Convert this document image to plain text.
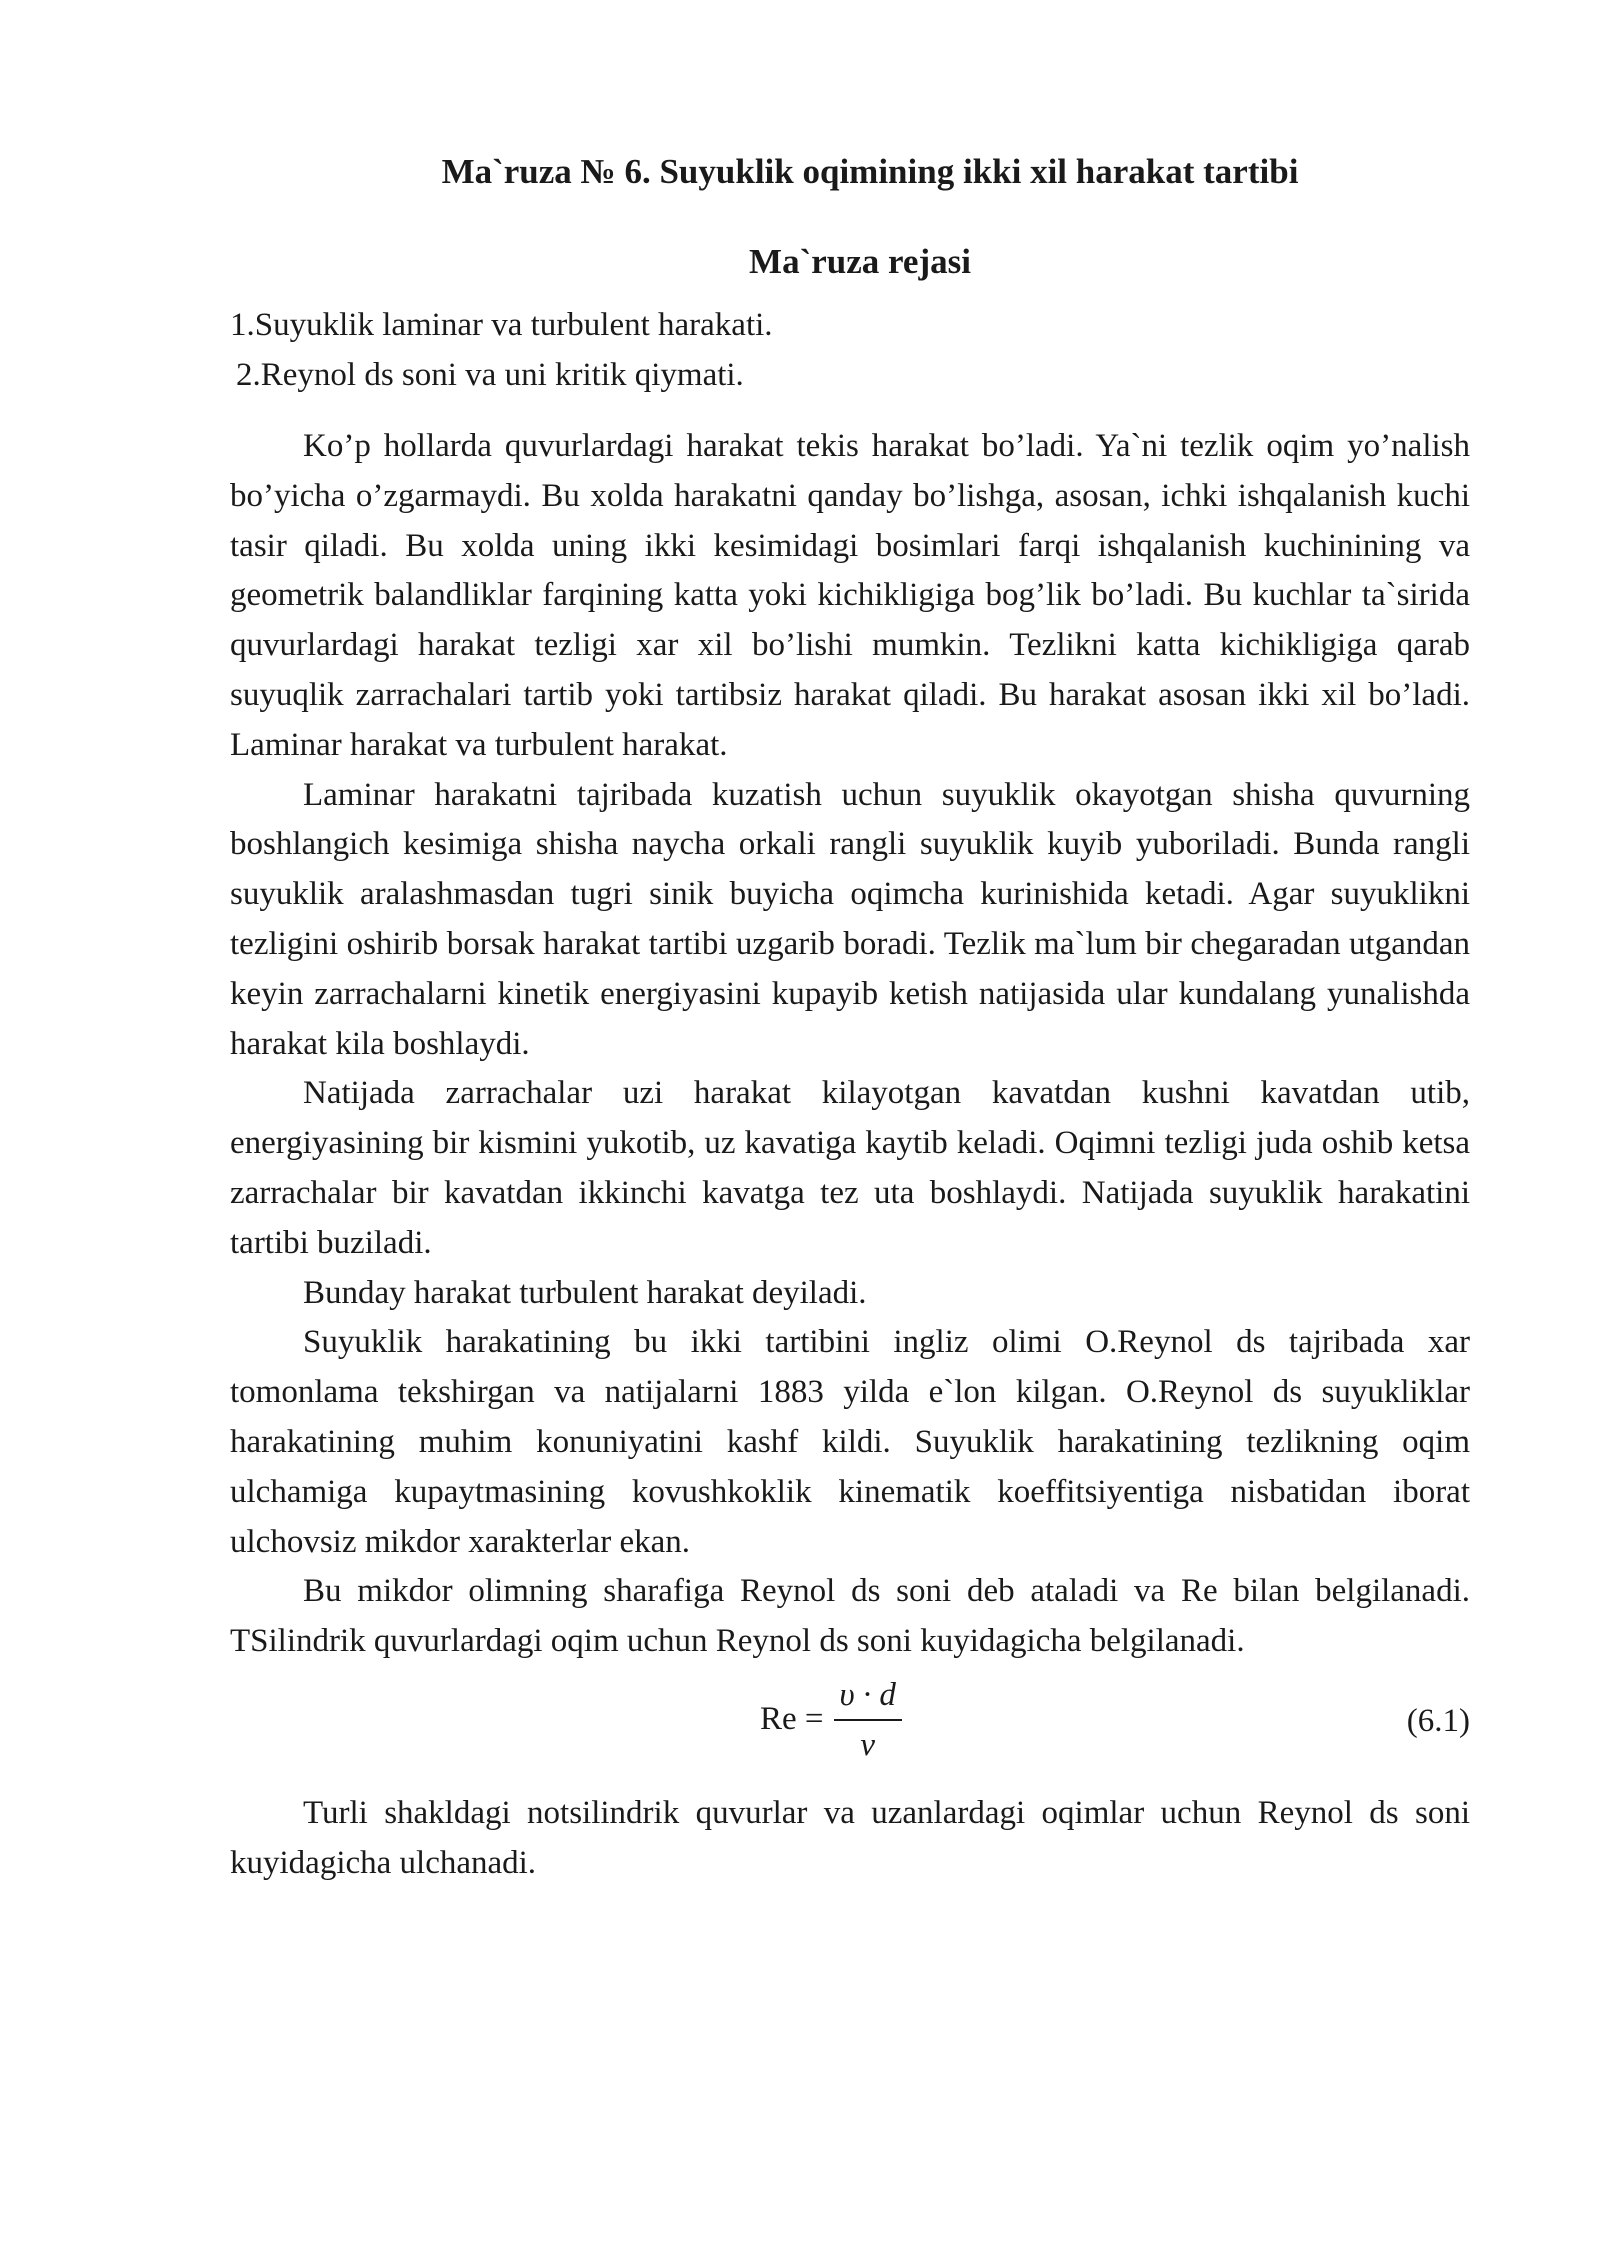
Ma`ruza № 6. Suyuklik oqimining ikki xil harakat tartibi
Ma`ruza rejasi
1.Suyuklik laminar va turbulent harakati.
2.Reynol ds soni va uni kritik qiymati.

Ko’p hollarda quvurlardagi harakat tekis harakat bo’ladi. Ya`ni tezlik oqim yo’nalish bo’yicha o’zgarmaydi. Bu xolda harakatni qanday bo’lishga, asosan, ichki ishqalanish kuchi tasir qiladi. Bu xolda uning ikki kesimidagi bosimlari farqi ishqalanish kuchinining va geometrik balandliklar farqining katta yoki kichikligiga bog’lik bo’ladi. Bu kuchlar ta`sirida quvurlardagi harakat tezligi xar xil bo’lishi mumkin. Tezlikni katta kichikligiga qarab suyuqlik zarrachalari tartib yoki tartibsiz harakat qiladi. Bu harakat asosan ikki xil bo’ladi. Laminar harakat va turbulent harakat.

Laminar harakatni tajribada kuzatish uchun suyuklik okayotgan shisha quvurning boshlangich kesimiga shisha naycha orkali rangli suyuklik kuyib yuboriladi. Bunda rangli suyuklik aralashmasdan tugri sinik buyicha oqimcha kurinishida ketadi. Agar suyuklikni tezligini oshirib borsak harakat tartibi uzgarib boradi. Tezlik ma`lum bir chegaradan utgandan keyin zarrachalarni kinetik energiyasini kupayib ketish natijasida ular kundalang yunalishda harakat kila boshlaydi.

Natijada zarrachalar uzi harakat kilayotgan kavatdan kushni kavatdan utib, energiyasining bir kismini yukotib, uz kavatiga kaytib keladi. Oqimni tezligi juda oshib ketsa zarrachalar bir kavatdan ikkinchi kavatga tez uta boshlaydi. Natijada suyuklik harakatini tartibi buziladi.

Bunday harakat turbulent harakat deyiladi.

Suyuklik harakatining bu ikki tartibini ingliz olimi O.Reynol ds tajribada xar tomonlama tekshirgan va natijalarni 1883 yilda e`lon kilgan. O.Reynol ds suyukliklar harakatining muhim konuniyatini kashf kildi. Suyuklik harakatining tezlikning oqim ulchamiga kupaytmasining kovushkoklik kinematik koeffitsiyentiga nisbatidan iborat ulchovsiz mikdor xarakterlar ekan.

Bu mikdor olimning sharafiga Reynol ds soni deb ataladi va Re bilan belgilanadi. TSilindrik quvurlardagi oqim uchun Reynol ds soni kuyidagicha belgilanadi.

$Re = \frac{\upsilon \cdot d}{\nu}$	(6.1)

Turli shakldagi notsilindrik quvurlar va uzanlardagi oqimlar uchun Reynol ds soni kuyidagicha ulchanadi.
